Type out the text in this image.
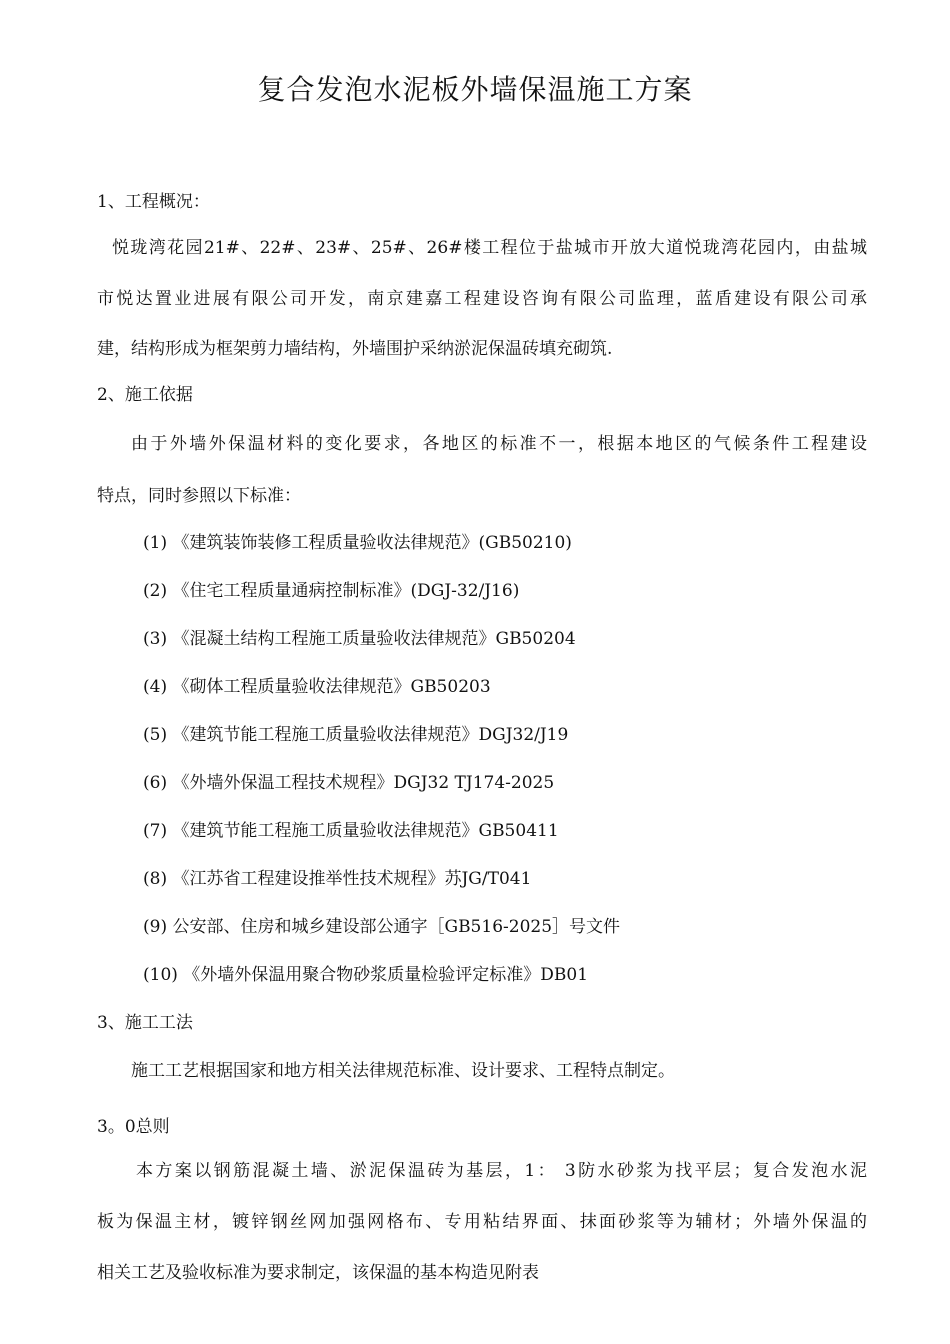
复合发泡水泥板外墙保温施工方案
1、工程概况：
悦珑湾花园21#、22#、23#、25#、26#楼工程位于盐城市开放大道悦珑湾花园内，由盐城
市悦达置业进展有限公司开发，南京建嘉工程建设咨询有限公司监理，蓝盾建设有限公司承
建，结构形成为框架剪力墙结构，外墙围护采纳淤泥保温砖填充砌筑.
2、施工依据
由于外墙外保温材料的变化要求，各地区的标准不一，根据本地区的气候条件工程建设
特点，同时参照以下标准：
(1) 《建筑装饰装修工程质量验收法律规范》(GB50210)
(2) 《住宅工程质量通病控制标准》(DGJ-32/J16)
(3) 《混凝土结构工程施工质量验收法律规范》GB50204
(4) 《砌体工程质量验收法律规范》GB50203
(5) 《建筑节能工程施工质量验收法律规范》DGJ32/J19
(6) 《外墙外保温工程技术规程》DGJ32 TJ174-2025
(7) 《建筑节能工程施工质量验收法律规范》GB50411
(8) 《江苏省工程建设推举性技术规程》苏JG/T041
(9) 公安部、住房和城乡建设部公通字［GB516-2025］号文件
(10) 《外墙外保温用聚合物砂浆质量检验评定标准》DB01
3、施工工法
施工工艺根据国家和地方相关法律规范标准、设计要求、工程特点制定。
3。0总则
本方案以钢筋混凝土墙、淤泥保温砖为基层，1： 3防水砂浆为找平层；复合发泡水泥
板为保温主材，镀锌钢丝网加强网格布、专用粘结界面、抹面砂浆等为辅材；外墙外保温的
相关工艺及验收标准为要求制定，该保温的基本构造见附表
